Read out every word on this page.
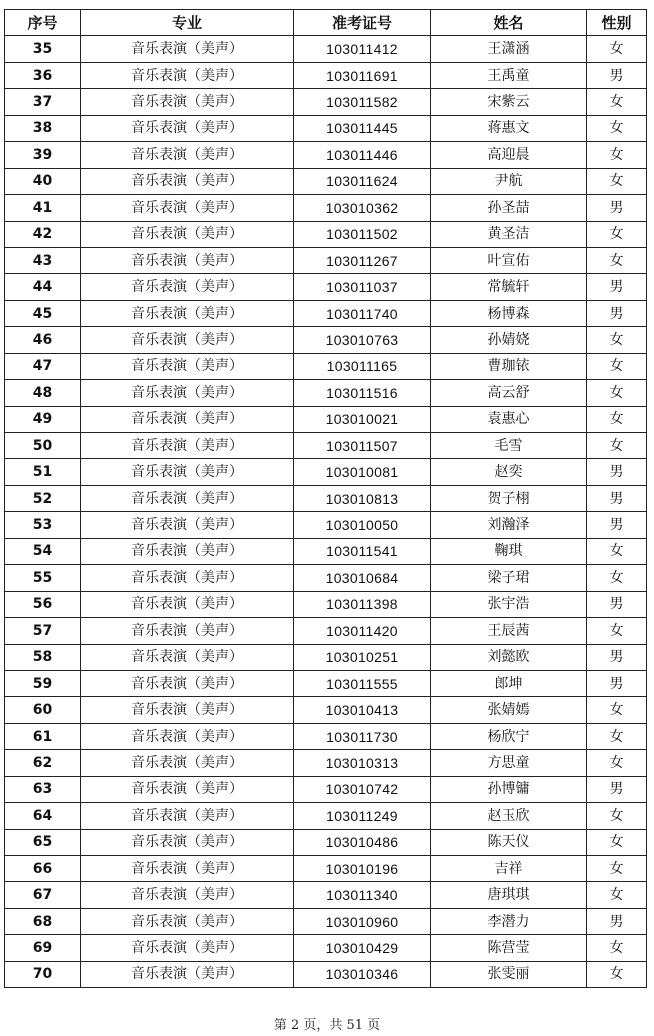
序号	专业	准考证号	姓名	性别
35	音乐表演（美声）	103011412	王潇涵	女
36	音乐表演（美声）	103011691	王禹童	男
37	音乐表演（美声）	103011582	宋紫云	女
38	音乐表演（美声）	103011445	蒋惠文	女
39	音乐表演（美声）	103011446	高迎晨	女
40	音乐表演（美声）	103011624	尹航	女
41	音乐表演（美声）	103010362	孙圣喆	男
42	音乐表演（美声）	103011502	黄圣洁	女
43	音乐表演（美声）	103011267	叶宣佑	女
44	音乐表演（美声）	103011037	常毓轩	男
45	音乐表演（美声）	103011740	杨博森	男
46	音乐表演（美声）	103010763	孙婧娆	女
47	音乐表演（美声）	103011165	曹珈铱	女
48	音乐表演（美声）	103011516	高云舒	女
49	音乐表演（美声）	103010021	袁惠心	女
50	音乐表演（美声）	103011507	毛雪	女
51	音乐表演（美声）	103010081	赵奕	男
52	音乐表演（美声）	103010813	贺子栩	男
53	音乐表演（美声）	103010050	刘瀚泽	男
54	音乐表演（美声）	103011541	鞠琪	女
55	音乐表演（美声）	103010684	梁子珺	女
56	音乐表演（美声）	103011398	张宇浩	男
57	音乐表演（美声）	103011420	王辰茜	女
58	音乐表演（美声）	103010251	刘懿欧	男
59	音乐表演（美声）	103011555	郎坤	男
60	音乐表演（美声）	103010413	张婧嫣	女
61	音乐表演（美声）	103011730	杨欣宁	女
62	音乐表演（美声）	103010313	方思童	女
63	音乐表演（美声）	103010742	孙博镛	男
64	音乐表演（美声）	103011249	赵玉欣	女
65	音乐表演（美声）	103010486	陈天仪	女
66	音乐表演（美声）	103010196	吉祥	女
67	音乐表演（美声）	103011340	唐琪琪	女
68	音乐表演（美声）	103010960	李潜力	男
69	音乐表演（美声）	103010429	陈营莹	女
70	音乐表演（美声）	103010346	张雯丽	女
第 2 页，共 51 页
